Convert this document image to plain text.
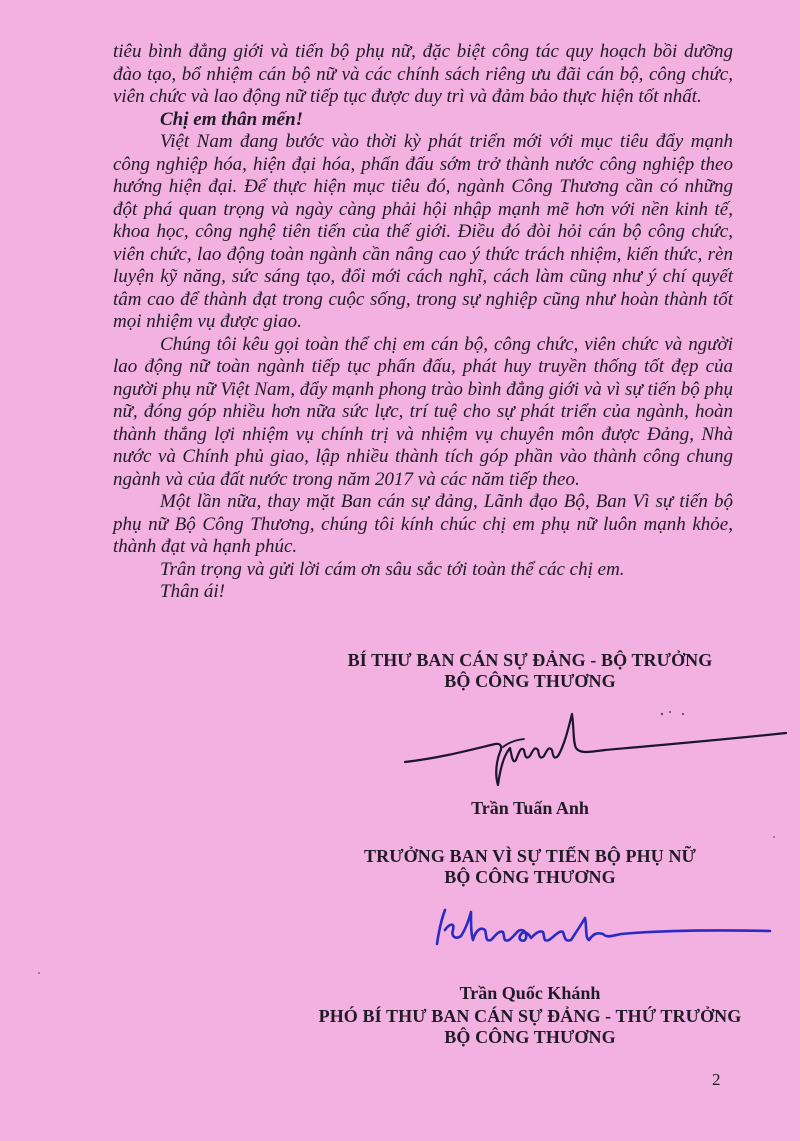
tiêu bình đẳng giới và tiến bộ phụ nữ, đặc biệt công tác quy hoạch bồi dưỡng đào tạo, bổ nhiệm cán bộ nữ và các chính sách riêng ưu đãi cán bộ, công chức, viên chức và lao động nữ tiếp tục được duy trì và đảm bảo thực hiện tốt nhất.

Chị em thân mến!

Việt Nam đang bước vào thời kỳ phát triển mới với mục tiêu đẩy mạnh công nghiệp hóa, hiện đại hóa, phấn đấu sớm trở thành nước công nghiệp theo hướng hiện đại. Để thực hiện mục tiêu đó, ngành Công Thương cần có những đột phá quan trọng và ngày càng phải hội nhập mạnh mẽ hơn với nền kinh tế, khoa học, công nghệ tiên tiến của thế giới. Điều đó đòi hỏi cán bộ công chức, viên chức, lao động toàn ngành cần nâng cao ý thức trách nhiệm, kiến thức, rèn luyện kỹ năng, sức sáng tạo, đổi mới cách nghĩ, cách làm cũng như ý chí quyết tâm cao để thành đạt trong cuộc sống, trong sự nghiệp cũng như hoàn thành tốt mọi nhiệm vụ được giao.

Chúng tôi kêu gọi toàn thể chị em cán bộ, công chức, viên chức và người lao động nữ toàn ngành tiếp tục phấn đấu, phát huy truyền thống tốt đẹp của người phụ nữ Việt Nam, đẩy mạnh phong trào bình đẳng giới và vì sự tiến bộ phụ nữ, đóng góp nhiều hơn nữa sức lực, trí tuệ cho sự phát triển của ngành, hoàn thành thắng lợi nhiệm vụ chính trị và nhiệm vụ chuyên môn được Đảng, Nhà nước và Chính phủ giao, lập nhiều thành tích góp phần vào thành công chung ngành và của đất nước trong năm 2017 và các năm tiếp theo.

Một lần nữa, thay mặt Ban cán sự đảng, Lãnh đạo Bộ, Ban Vì sự tiến bộ phụ nữ Bộ Công Thương, chúng tôi kính chúc chị em phụ nữ luôn mạnh khỏe, thành đạt và hạnh phúc.

Trân trọng và gửi lời cám ơn sâu sắc tới toàn thể các chị em.

Thân ái!

BÍ THƯ BAN CÁN SỰ ĐẢNG - BỘ TRƯỞNG
BỘ CÔNG THƯƠNG
Trần Tuấn Anh
TRƯỞNG BAN VÌ SỰ TIẾN BỘ PHỤ NỮ
BỘ CÔNG THƯƠNG
Trần Quốc Khánh
PHÓ BÍ THƯ BAN CÁN SỰ ĐẢNG - THỨ TRƯỞNG
BỘ CÔNG THƯƠNG
2
